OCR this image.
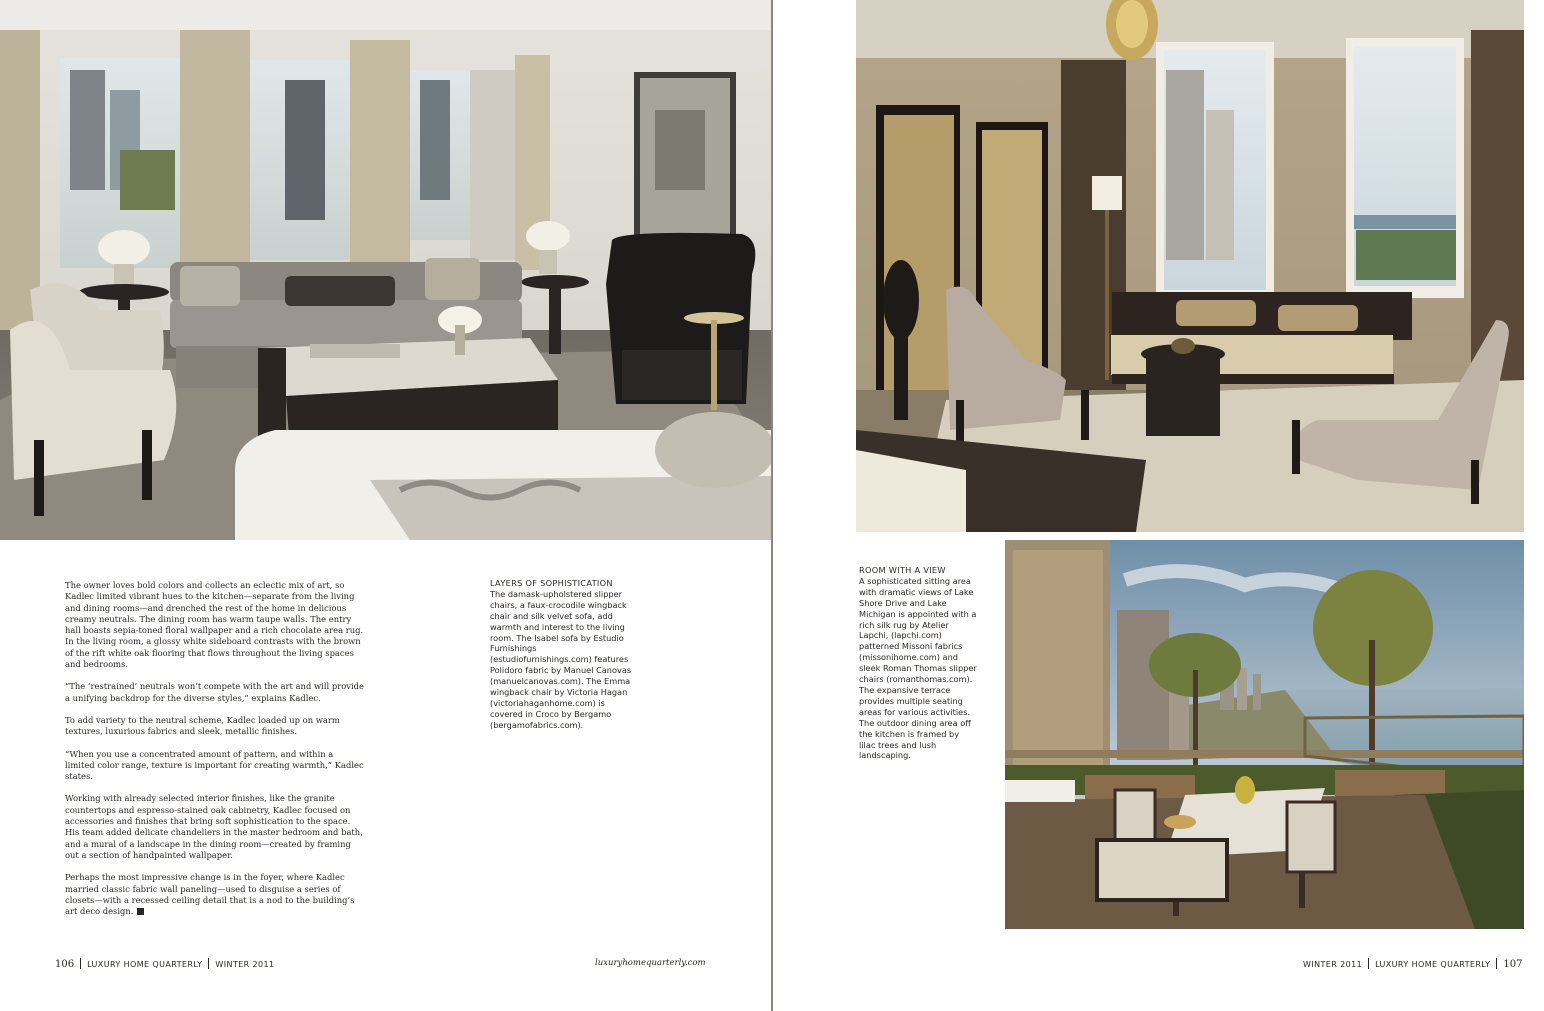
The owner loves bold colors and collects an eclectic mix of art, so Kadlec limited vibrant hues to the kitchen—separate from the living and dining rooms—and drenched the rest of the home in delicious creamy neutrals. The dining room has warm taupe walls. The entry hall boasts sepia-toned floral wallpaper and a rich chocolate area rug. In the living room, a glossy white sideboard contrasts with the brown of the rift white oak flooring that flows throughout the living spaces and bedrooms.

“The ‘restrained’ neutrals won’t compete with the art and will provide a unifying backdrop for the diverse styles,” explains Kadlec.

To add variety to the neutral scheme, Kadlec loaded up on warm textures, luxurious fabrics and sleek, metallic finishes.

“When you use a concentrated amount of pattern, and within a limited color range, texture is important for creating warmth,” Kadlec states.

Working with already selected interior finishes, like the granite countertops and espresso-stained oak cabinetry, Kadlec focused on accessories and finishes that bring soft sophistication to the space. His team added delicate chandeliers in the master bedroom and bath, and a mural of a landscape in the dining room—created by framing out a section of handpainted wallpaper.

Perhaps the most impressive change is in the foyer, where Kadlec married classic fabric wall paneling—used to disguise a series of closets—with a recessed ceiling detail that is a nod to the building’s art deco design.

LAYERS OF SOPHISTICATION

The damask-upholstered slipper chairs, a faux-crocodile wingback chair and silk velvet sofa, add warmth and interest to the living room. The Isabel sofa by Estudio Furnishings (estudiofurnishings.com) features Polidoro fabric by Manuel Canovas (manuelcanovas.com). The Emma wingback chair by Victoria Hagan (victoriahaganhome.com) is covered in Croco by Bergamo (bergamofabrics.com).

ROOM WITH A VIEW

A sophisticated sitting area with dramatic views of Lake Shore Drive and Lake Michigan is appointed with a rich silk rug by Atelier Lapchi, (lapchi.com) patterned Missoni fabrics (missonihome.com) and sleek Roman Thomas slipper chairs (romanthomas.com). The expansive terrace provides multiple seating areas for various activities. The outdoor dining area off the kitchen is framed by lilac trees and lush landscaping.

106 LUXURY HOME QUARTERLY WINTER 2011	luxuryhomequarterly.com	WINTER 2011 LUXURY HOME QUARTERLY 107
